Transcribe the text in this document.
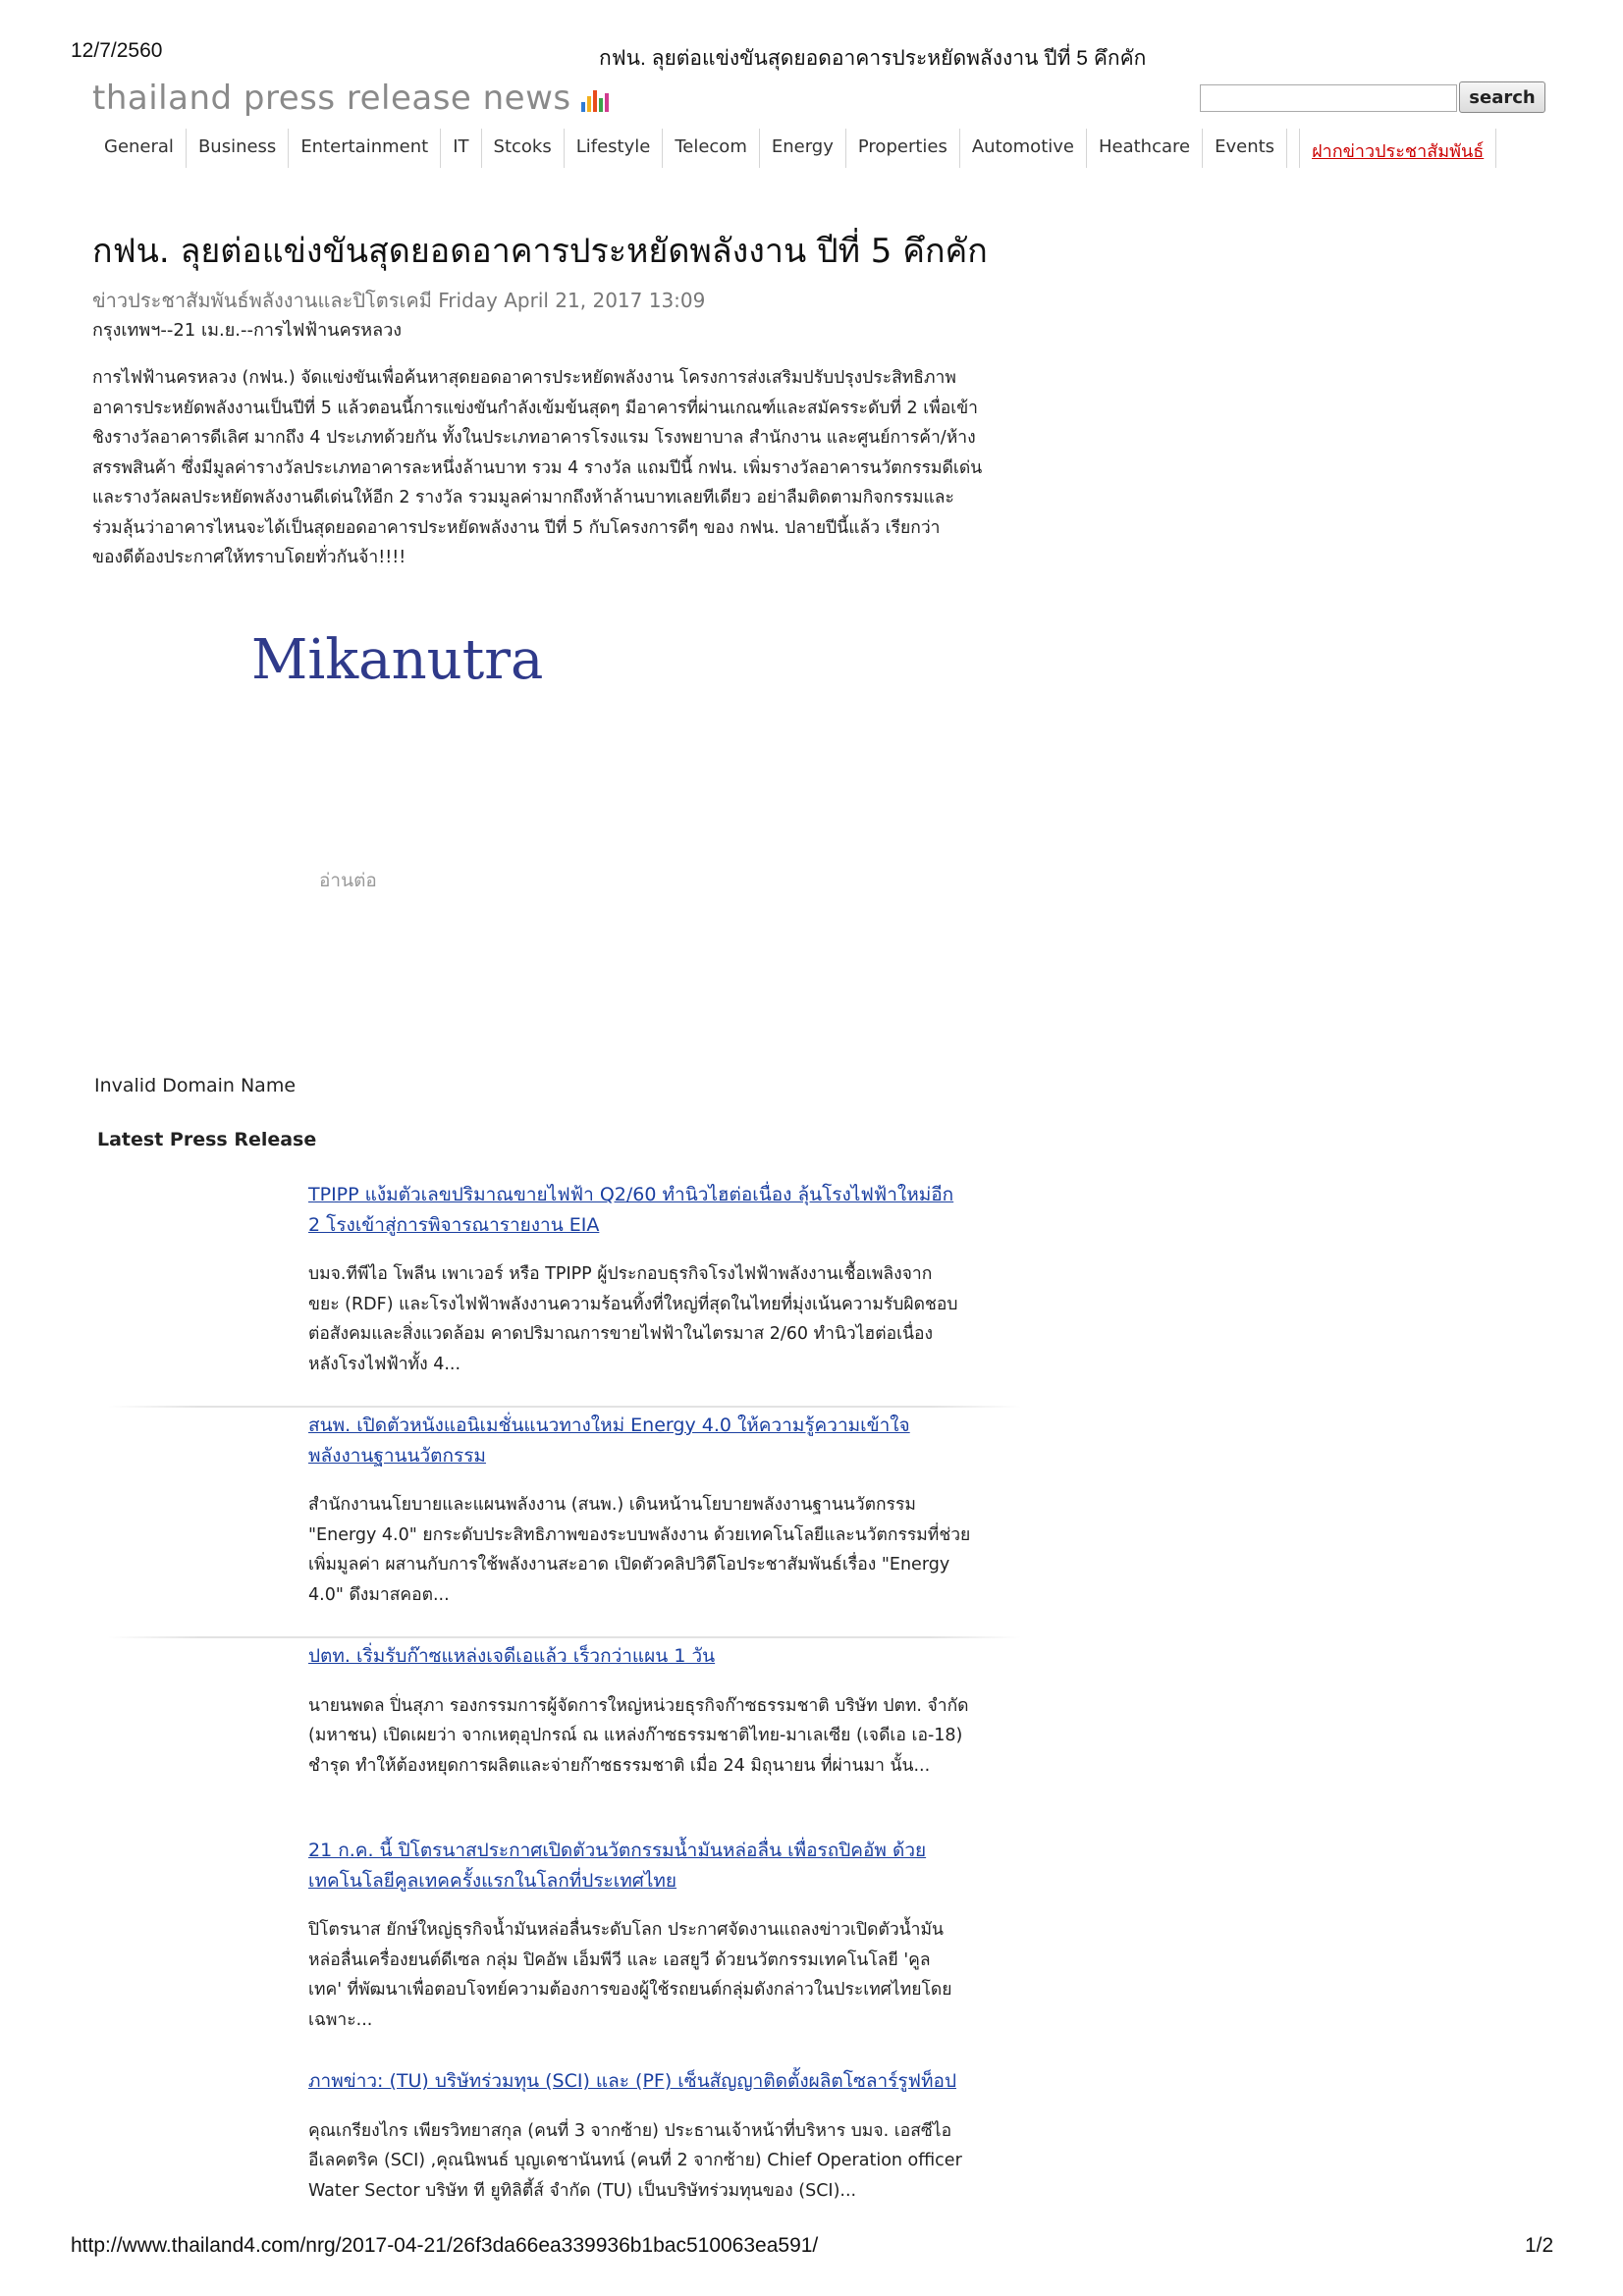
12/7/2560	กฟน. ลุยต่อแข่งขันสุดยอดอาคารประหยัดพลังงาน ปีที่ 5 คึกคัก
thailand press release news	search
General	Business	Entertainment	IT	Stcoks	Lifestyle	Telecom	Energy	Properties	Automotive	Heathcare	Events	ฝากข่าวประชาสัมพันธ์
กฟน. ลุยต่อแข่งขันสุดยอดอาคารประหยัดพลังงาน ปีที่ 5 คึกคัก
ข่าวประชาสัมพันธ์พลังงานและปิโตรเคมี Friday April 21, 2017 13:09
กรุงเทพฯ--21 เม.ย.--การไฟฟ้านครหลวง
การไฟฟ้านครหลวง (กฟน.) จัดแข่งขันเพื่อค้นหาสุดยอดอาคารประหยัดพลังงาน โครงการส่งเสริมปรับปรุงประสิทธิภาพ
อาคารประหยัดพลังงานเป็นปีที่ 5 แล้วตอนนี้การแข่งขันกำลังเข้มข้นสุดๆ มีอาคารที่ผ่านเกณฑ์และสมัครระดับที่ 2 เพื่อเข้า
ชิงรางวัลอาคารดีเลิศ มากถึง 4 ประเภทด้วยกัน ทั้งในประเภทอาคารโรงแรม โรงพยาบาล สำนักงาน และศูนย์การค้า/ห้าง
สรรพสินค้า ซึ่งมีมูลค่ารางวัลประเภทอาคารละหนึ่งล้านบาท รวม 4 รางวัล แถมปีนี้ กฟน. เพิ่มรางวัลอาคารนวัตกรรมดีเด่น
และรางวัลผลประหยัดพลังงานดีเด่นให้อีก 2 รางวัล รวมมูลค่ามากถึงห้าล้านบาทเลยทีเดียว อย่าลืมติดตามกิจกรรมและ
ร่วมลุ้นว่าอาคารไหนจะได้เป็นสุดยอดอาคารประหยัดพลังงาน ปีที่ 5 กับโครงการดีๆ ของ กฟน. ปลายปีนี้แล้ว เรียกว่า
ของดีต้องประกาศให้ทราบโดยทั่วกันจ้า!!!!
Mikanutra
อ่านต่อ
Invalid Domain Name
Latest Press Release
TPIPP แง้มตัวเลขปริมาณขายไฟฟ้า Q2/60 ทำนิวไฮต่อเนื่อง ลุ้นโรงไฟฟ้าใหม่อีก
2 โรงเข้าสู่การพิจารณารายงาน EIA
บมจ.ทีพีไอ โพลีน เพาเวอร์ หรือ TPIPP ผู้ประกอบธุรกิจโรงไฟฟ้าพลังงานเชื้อเพลิงจาก
ขยะ (RDF) และโรงไฟฟ้าพลังงานความร้อนทิ้งที่ใหญ่ที่สุดในไทยที่มุ่งเน้นความรับผิดชอบ
ต่อสังคมและสิ่งแวดล้อม คาดปริมาณการขายไฟฟ้าในไตรมาส 2/60 ทำนิวไฮต่อเนื่อง
หลังโรงไฟฟ้าทั้ง 4...
สนพ. เปิดตัวหนังแอนิเมชั่นแนวทางใหม่ Energy 4.0 ให้ความรู้ความเข้าใจ
พลังงานฐานนวัตกรรม
สำนักงานนโยบายและแผนพลังงาน (สนพ.) เดินหน้านโยบายพลังงานฐานนวัตกรรม
"Energy 4.0" ยกระดับประสิทธิภาพของระบบพลังงาน ด้วยเทคโนโลยีและนวัตกรรมที่ช่วย
เพิ่มมูลค่า ผสานกับการใช้พลังงานสะอาด เปิดตัวคลิปวิดีโอประชาสัมพันธ์เรื่อง "Energy
4.0" ดึงมาสคอต...
ปตท. เริ่มรับก๊าซแหล่งเจดีเอแล้ว เร็วกว่าแผน 1 วัน
นายนพดล ปิ่นสุภา รองกรรมการผู้จัดการใหญ่หน่วยธุรกิจก๊าซธรรมชาติ บริษัท ปตท. จำกัด
(มหาชน) เปิดเผยว่า จากเหตุอุปกรณ์ ณ แหล่งก๊าซธรรมชาติไทย-มาเลเซีย (เจดีเอ เอ-18)
ชำรุด ทำให้ต้องหยุดการผลิตและจ่ายก๊าซธรรมชาติ เมื่อ 24 มิถุนายน ที่ผ่านมา นั้น...
21 ก.ค. นี้ ปิโตรนาสประกาศเปิดตัวนวัตกรรมน้ำมันหล่อลื่น เพื่อรถปิคอัพ ด้วย
เทคโนโลยีคูลเทคครั้งแรกในโลกที่ประเทศไทย
ปิโตรนาส ยักษ์ใหญ่ธุรกิจน้ำมันหล่อลื่นระดับโลก ประกาศจัดงานแถลงข่าวเปิดตัวน้ำมัน
หล่อลื่นเครื่องยนต์ดีเซล กลุ่ม ปิคอัพ เอ็มพีวี และ เอสยูวี ด้วยนวัตกรรมเทคโนโลยี 'คูล
เทค' ที่พัฒนาเพื่อตอบโจทย์ความต้องการของผู้ใช้รถยนต์กลุ่มดังกล่าวในประเทศไทยโดย
เฉพาะ...
ภาพข่าว: (TU) บริษัทร่วมทุน (SCI) และ (PF) เซ็นสัญญาติดตั้งผลิตโซลาร์รูฟท็อป
คุณเกรียงไกร เพียรวิทยาสกุล (คนที่ 3 จากซ้าย) ประธานเจ้าหน้าที่บริหาร บมจ. เอสซีไอ
อีเลคตริค (SCI) ,คุณนิพนธ์ บุญเดชานันทน์ (คนที่ 2 จากซ้าย) Chief Operation officer
Water Sector บริษัท ที ยูทิลิตี้ส์ จำกัด (TU) เป็นบริษัทร่วมทุนของ (SCI)...
http://www.thailand4.com/nrg/2017-04-21/26f3da66ea339936b1bac510063ea591/	1/2
